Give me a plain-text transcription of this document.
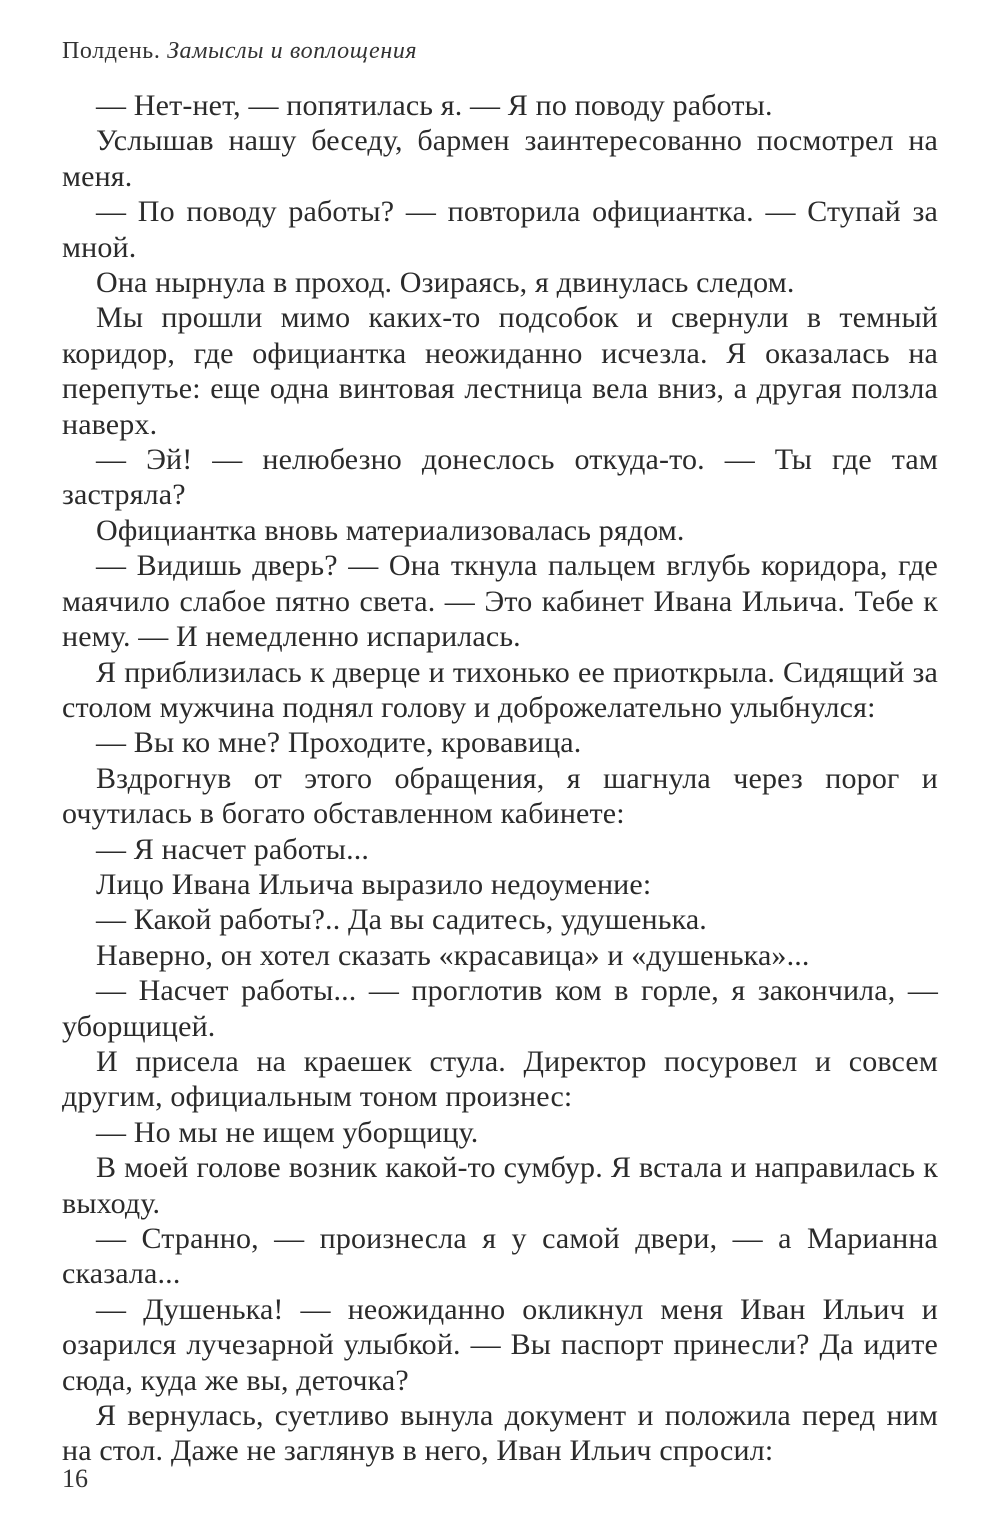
Полдень. Замыслы и воплощения

— Нет-нет, — попятилась я. — Я по поводу работы.

Услышав нашу беседу, бармен заинтересованно посмотрел на меня.

— По поводу работы? — повторила официантка. — Ступай за мной.

Она нырнула в проход. Озираясь, я двинулась следом.

Мы прошли мимо каких-то подсобок и свернули в темный коридор, где официантка неожиданно исчезла. Я оказалась на перепутье: еще одна винтовая лестница вела вниз, а другая ползла наверх.

— Эй! — нелюбезно донеслось откуда-то. — Ты где там застряла?

Официантка вновь материализовалась рядом.

— Видишь дверь? — Она ткнула пальцем вглубь коридора, где маячило слабое пятно света. — Это кабинет Ивана Ильича. Тебе к нему. — И немедленно испарилась.

Я приблизилась к дверце и тихонько ее приоткрыла. Сидящий за столом мужчина поднял голову и доброжелательно улыбнулся:

— Вы ко мне? Проходите, кровавица.

Вздрогнув от этого обращения, я шагнула через порог и очутилась в богато обставленном кабинете:

— Я насчет работы...

Лицо Ивана Ильича выразило недоумение:

— Какой работы?.. Да вы садитесь, удушенька.

Наверно, он хотел сказать «красавица» и «душенька»...

— Насчет работы... — проглотив ком в горле, я закончила, — уборщицей.

И присела на краешек стула. Директор посуровел и совсем другим, официальным тоном произнес:

— Но мы не ищем уборщицу.

В моей голове возник какой-то сумбур. Я встала и направилась к выходу.

— Странно, — произнесла я у самой двери, — а Марианна сказала...

— Душенька! — неожиданно окликнул меня Иван Ильич и озарился лучезарной улыбкой. — Вы паспорт принесли? Да идите сюда, куда же вы, деточка?

Я вернулась, суетливо вынула документ и положила перед ним на стол. Даже не заглянув в него, Иван Ильич спросил:

16
